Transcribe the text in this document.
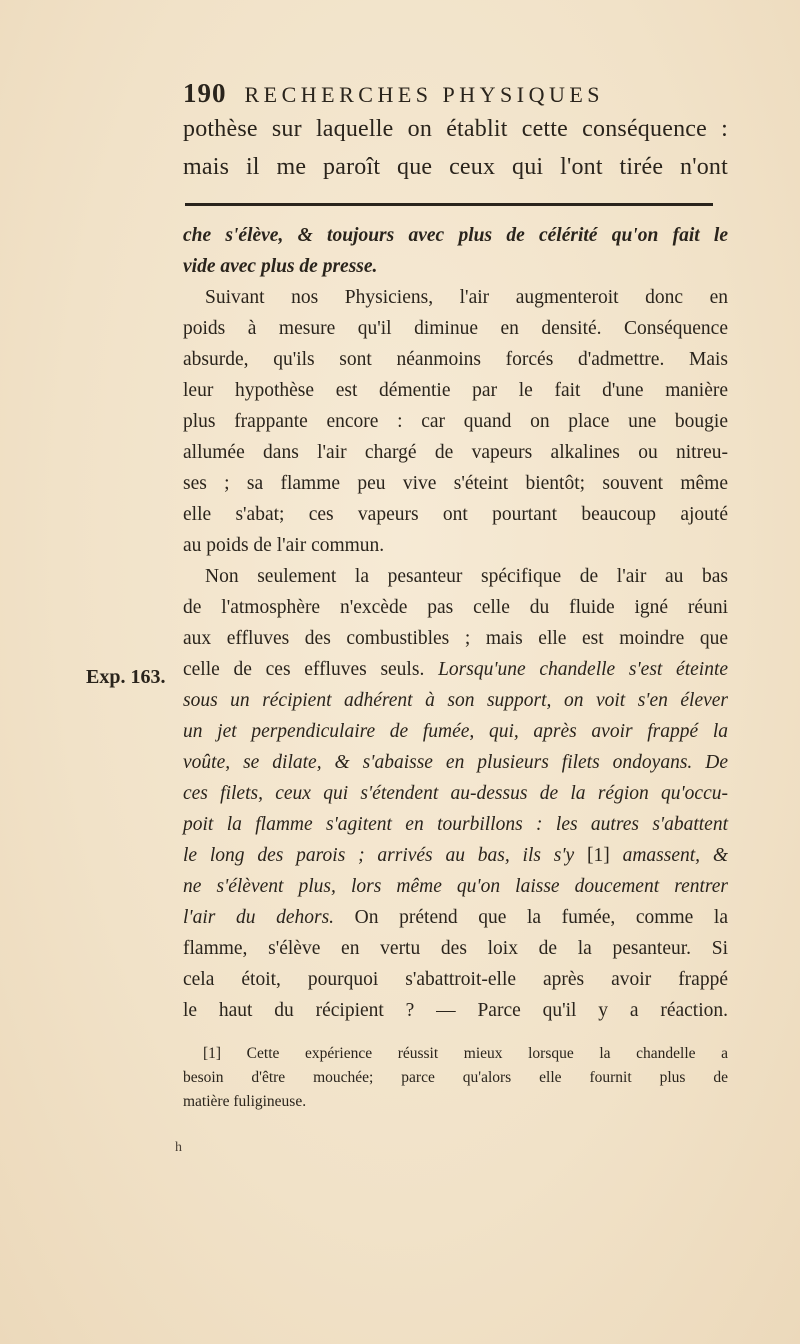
190 RECHERCHES PHYSIQUES
pothèse sur laquelle on établit cette conséquence :
mais il me paroît que ceux qui l'ont tirée n'ont
che s'élève, & toujours avec plus de célérité qu'on fait le
vide avec plus de presse.
Suivant nos Physiciens, l'air augmenteroit donc en
poids à mesure qu'il diminue en densité. Conséquence
absurde, qu'ils sont néanmoins forcés d'admettre. Mais
leur hypothèse est démentie par le fait d'une manière
plus frappante encore : car quand on place une bougie
allumée dans l'air chargé de vapeurs alkalines ou nitreu-
ses ; sa flamme peu vive s'éteint bientôt; souvent même
elle s'abat; ces vapeurs ont pourtant beaucoup ajouté
au poids de l'air commun.
Non seulement la pesanteur spécifique de l'air au bas
de l'atmosphère n'excède pas celle du fluide igné réuni
aux effluves des combustibles ; mais elle est moindre que
celle de ces effluves seuls. Lorsqu'une chandelle s'est éteinte
sous un récipient adhérent à son support, on voit s'en élever
un jet perpendiculaire de fumée, qui, après avoir frappé la
voûte, se dilate, & s'abaisse en plusieurs filets ondoyans. De
ces filets, ceux qui s'étendent au-dessus de la région qu'occu-
poit la flamme s'agitent en tourbillons : les autres s'abattent
le long des parois ; arrivés au bas, ils s'y [1] amassent, &
ne s'élèvent plus, lors même qu'on laisse doucement rentrer
l'air du dehors. On prétend que la fumée, comme la
flamme, s'élève en vertu des loix de la pesanteur. Si
cela étoit, pourquoi s'abattroit-elle après avoir frappé
le haut du récipient ? — Parce qu'il y a réaction.
Exp. 163.
[1] Cette expérience réussit mieux lorsque la chandelle a
besoin d'être mouchée; parce qu'alors elle fournit plus de
matière fuligineuse.
h
